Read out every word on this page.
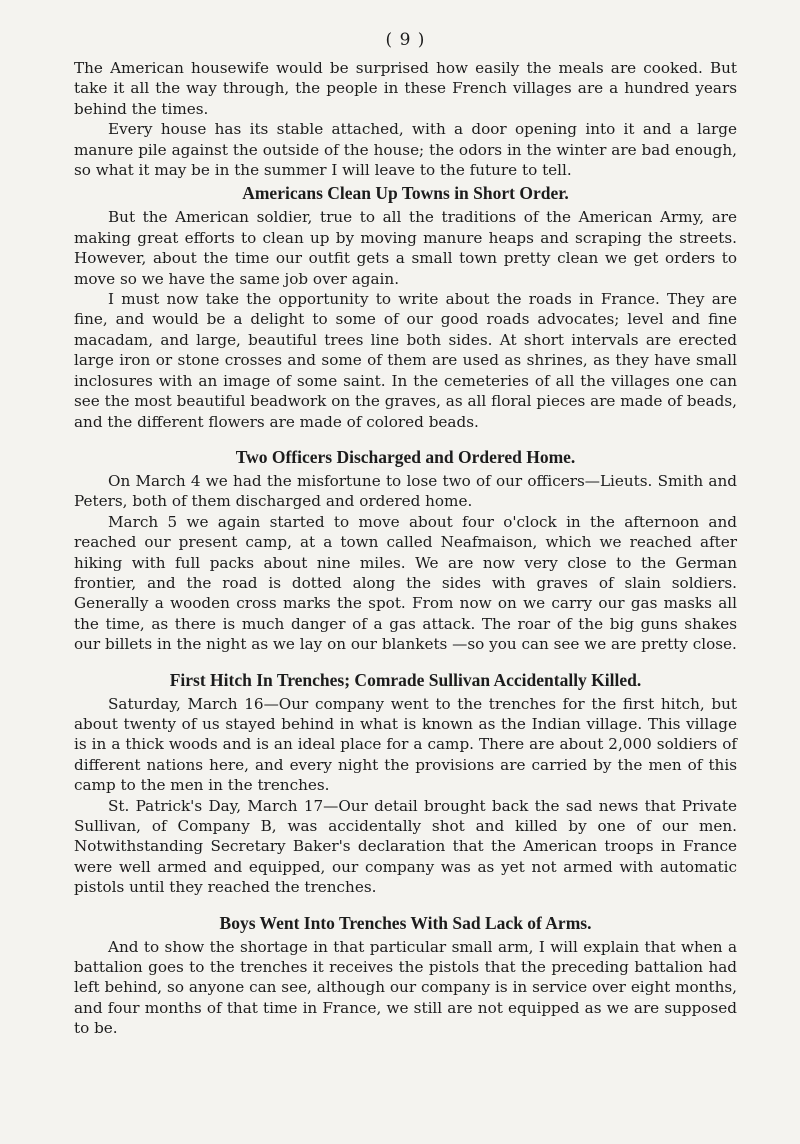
( 9 )

The American housewife would be surprised how easily the meals are cooked. But take it all the way through, the people in these French villages are a hundred years behind the times.

Every house has its stable attached, with a door opening into it and a large manure pile against the outside of the house; the odors in the winter are bad enough, so what it may be in the summer I will leave to the future to tell.

Americans Clean Up Towns in Short Order.

But the American soldier, true to all the traditions of the American Army, are making great efforts to clean up by moving manure heaps and scraping the streets. However, about the time our outfit gets a small town pretty clean we get orders to move so we have the same job over again.

I must now take the opportunity to write about the roads in France. They are fine, and would be a delight to some of our good roads advocates; level and fine macadam, and large, beautiful trees line both sides. At short intervals are erected large iron or stone crosses and some of them are used as shrines, as they have small inclosures with an image of some saint. In the cemeteries of all the villages one can see the most beautiful beadwork on the graves, as all floral pieces are made of beads, and the different flowers are made of colored beads.

Two Officers Discharged and Ordered Home.

On March 4 we had the misfortune to lose two of our officers—Lieuts. Smith and Peters, both of them discharged and ordered home.

March 5 we again started to move about four o'clock in the afternoon and reached our present camp, at a town called Neafmaison, which we reached after hiking with full packs about nine miles. We are now very close to the German frontier, and the road is dotted along the sides with graves of slain soldiers. Generally a wooden cross marks the spot. From now on we carry our gas masks all the time, as there is much danger of a gas attack. The roar of the big guns shakes our billets in the night as we lay on our blankets —so you can see we are pretty close.

First Hitch In Trenches; Comrade Sullivan Accidentally Killed.

Saturday, March 16—Our company went to the trenches for the first hitch, but about twenty of us stayed behind in what is known as the Indian village. This village is in a thick woods and is an ideal place for a camp. There are about 2,000 soldiers of different nations here, and every night the provisions are carried by the men of this camp to the men in the trenches.

St. Patrick's Day, March 17—Our detail brought back the sad news that Private Sullivan, of Company B, was accidentally shot and killed by one of our men. Notwithstanding Secretary Baker's declaration that the American troops in France were well armed and equipped, our company was as yet not armed with automatic pistols until they reached the trenches.

Boys Went Into Trenches With Sad Lack of Arms.

And to show the shortage in that particular small arm, I will explain that when a battalion goes to the trenches it receives the pistols that the preceding battalion had left behind, so anyone can see, although our company is in service over eight months, and four months of that time in France, we still are not equipped as we are supposed to be.
